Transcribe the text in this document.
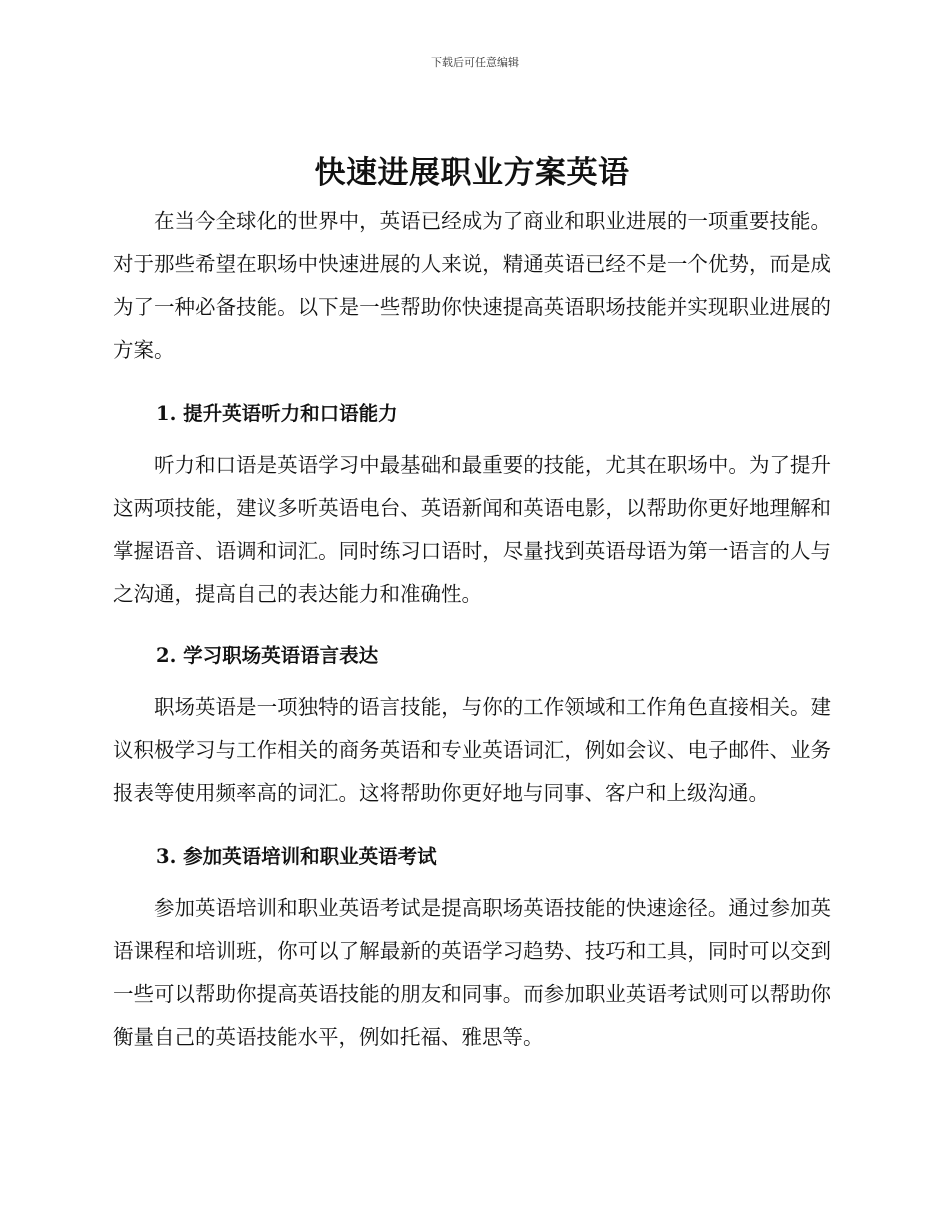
下载后可任意编辑
快速进展职业方案英语

在当今全球化的世界中，英语已经成为了商业和职业进展的一项重要技能。对于那些希望在职场中快速进展的人来说，精通英语已经不是一个优势，而是成为了一种必备技能。以下是一些帮助你快速提高英语职场技能并实现职业进展的方案。

1. 提升英语听力和口语能力

听力和口语是英语学习中最基础和最重要的技能，尤其在职场中。为了提升这两项技能，建议多听英语电台、英语新闻和英语电影，以帮助你更好地理解和掌握语音、语调和词汇。同时练习口语时，尽量找到英语母语为第一语言的人与之沟通，提高自己的表达能力和准确性。

2. 学习职场英语语言表达

职场英语是一项独特的语言技能，与你的工作领域和工作角色直接相关。建议积极学习与工作相关的商务英语和专业英语词汇，例如会议、电子邮件、业务报表等使用频率高的词汇。这将帮助你更好地与同事、客户和上级沟通。

3. 参加英语培训和职业英语考试

参加英语培训和职业英语考试是提高职场英语技能的快速途径。通过参加英语课程和培训班，你可以了解最新的英语学习趋势、技巧和工具，同时可以交到一些可以帮助你提高英语技能的朋友和同事。而参加职业英语考试则可以帮助你衡量自己的英语技能水平，例如托福、雅思等。
